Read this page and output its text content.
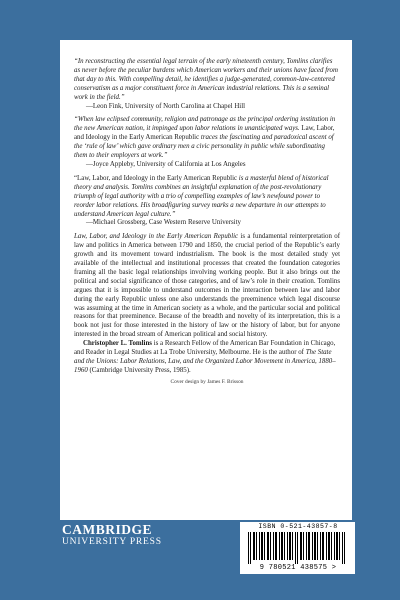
“In reconstructing the essential legal terrain of the early nineteenth century, Tomlins clarifies as never before the peculiar burdens which American workers and their unions have faced from that day to this. With compelling detail, he identifies a judge-generated, common-law-centered conservatism as a major constituent force in American industrial relations. This is a seminal work in the field.”

—Leon Fink, University of North Carolina at Chapel Hill

“When law eclipsed community, religion and patronage as the principal ordering institution in the new American nation, it impinged upon labor relations in unanticipated ways. Law, Labor, and Ideology in the Early American Republic traces the fascinating and paradoxical ascent of the ‘rule of law’ which gave ordinary men a civic personality in public while subordinating them to their employers at work.”

—Joyce Appleby, University of California at Los Angeles

“Law, Labor, and Ideology in the Early American Republic is a masterful blend of historical theory and analysis. Tomlins combines an insightful explanation of the post-revolutionary triumph of legal authority with a trio of compelling examples of law’s newfound power to reorder labor relations. His broadfiguring survey marks a new departure in our attempts to understand American legal culture.”

—Michael Grossberg, Case Western Reserve University

Law, Labor, and Ideology in the Early American Republic is a fundamental reinterpretation of law and politics in America between 1790 and 1850, the crucial period of the Republic’s early growth and its movement toward industrialism. The book is the most detailed study yet available of the intellectual and institutional processes that created the foundation categories framing all the basic legal relationships involving working people. But it also brings out the political and social significance of those categories, and of law’s role in their creation. Tomlins argues that it is impossible to understand outcomes in the interaction between law and labor during the early Republic unless one also understands the preeminence which legal discourse was assuming at the time in American society as a whole, and the particular social and political reasons for that preeminence. Because of the breadth and novelty of its interpretation, this is a book not just for those interested in the history of law or the history of labor, but for anyone interested in the broad stream of American political and social history.

Christopher L. Tomlins is a Research Fellow of the American Bar Foundation in Chicago, and Reader in Legal Studies at La Trobe University, Melbourne. He is the author of The State and the Unions: Labor Relations, Law, and the Organized Labor Movement in America, 1880–1960 (Cambridge University Press, 1985).

Cover design by James F. Brisson
CAMBRIDGE
UNIVERSITY PRESS
ISBN 0-521-43857-8
9 780521 438575 >
